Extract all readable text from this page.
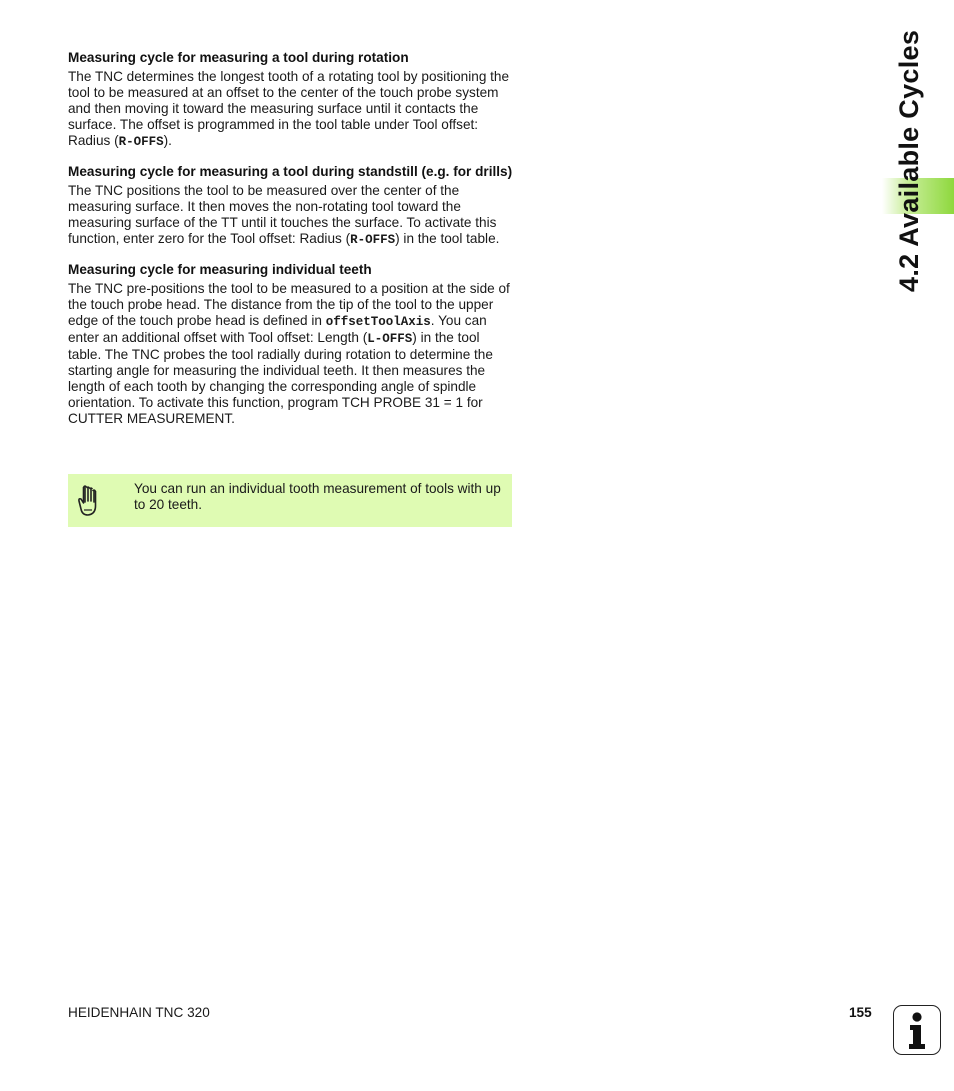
Measuring cycle for measuring a tool during rotation

The TNC determines the longest tooth of a rotating tool by positioning the tool to be measured at an offset to the center of the touch probe system and then moving it toward the measuring surface until it contacts the surface. The offset is programmed in the tool table under Tool offset: Radius (R-OFFS).

Measuring cycle for measuring a tool during standstill (e.g. for drills)

The TNC positions the tool to be measured over the center of the measuring surface. It then moves the non-rotating tool toward the measuring surface of the TT until it touches the surface. To activate this function, enter zero for the Tool offset: Radius (R-OFFS) in the tool table.

Measuring cycle for measuring individual teeth

The TNC pre-positions the tool to be measured to a position at the side of the touch probe head. The distance from the tip of the tool to the upper edge of the touch probe head is defined in offsetToolAxis. You can enter an additional offset with Tool offset: Length (L-OFFS) in the tool table. The TNC probes the tool radially during rotation to determine the starting angle for measuring the individual teeth. It then measures the length of each tooth by changing the corresponding angle of spindle orientation. To activate this function, program TCH PROBE 31 = 1 for CUTTER MEASUREMENT.

You can run an individual tooth measurement of tools with up to 20 teeth.
4.2 Available Cycles
HEIDENHAIN TNC 320	155
